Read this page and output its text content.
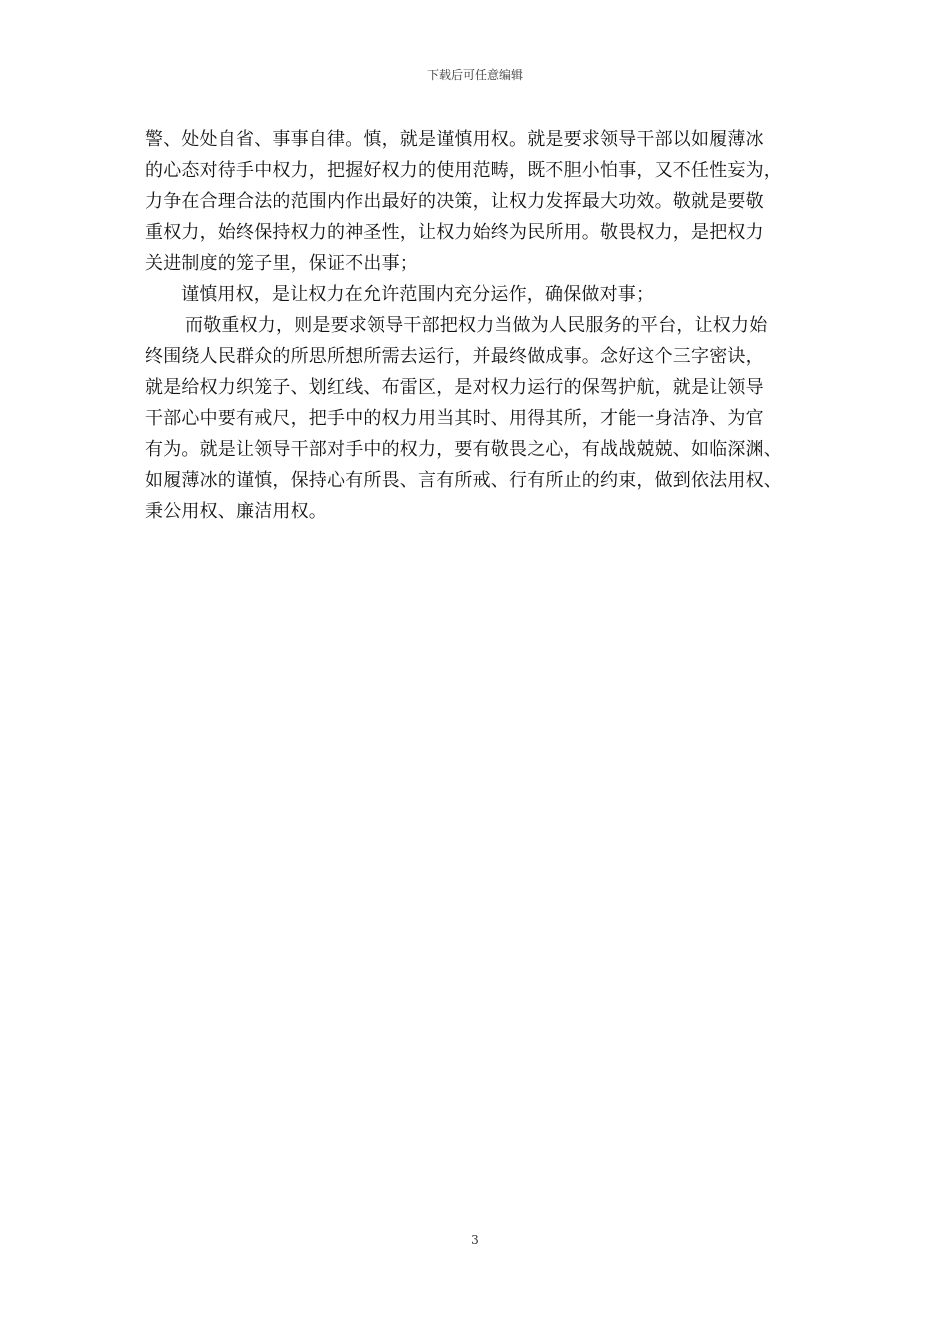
下载后可任意编辑
警、处处自省、事事自律。慎，就是谨慎用权。就是要求领导干部以如履薄冰
的心态对待手中权力，把握好权力的使用范畴，既不胆小怕事，又不任性妄为，
力争在合理合法的范围内作出最好的决策，让权力发挥最大功效。敬就是要敬
重权力，始终保持权力的神圣性，让权力始终为民所用。敬畏权力，是把权力
关进制度的笼子里，保证不出事；
谨慎用权，是让权力在允许范围内充分运作，确保做对事；
而敬重权力，则是要求领导干部把权力当做为人民服务的平台，让权力始
终围绕人民群众的所思所想所需去运行，并最终做成事。念好这个三字密诀，
就是给权力织笼子、划红线、布雷区，是对权力运行的保驾护航，就是让领导
干部心中要有戒尺，把手中的权力用当其时、用得其所，才能一身洁净、为官
有为。就是让领导干部对手中的权力，要有敬畏之心，有战战兢兢、如临深渊、
如履薄冰的谨慎，保持心有所畏、言有所戒、行有所止的约束，做到依法用权、
秉公用权、廉洁用权。
3
